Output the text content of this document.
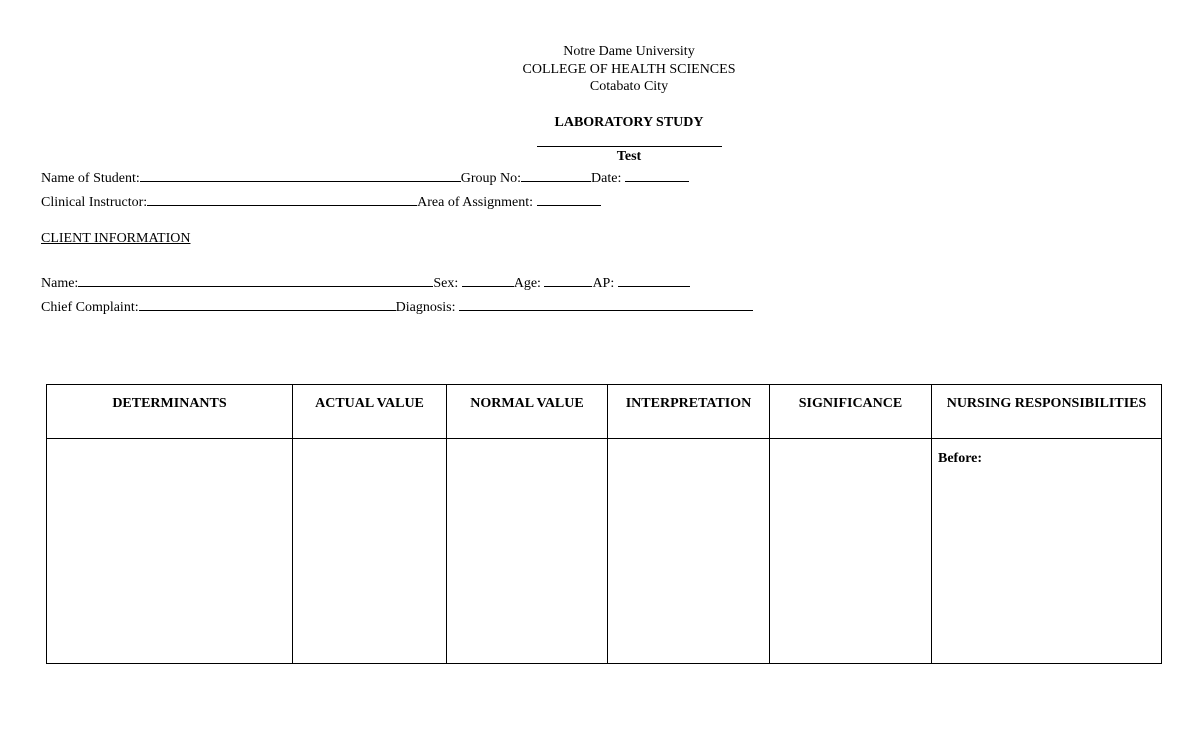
Notre Dame University
COLLEGE OF HEALTH SCIENCES
Cotabato City
LABORATORY STUDY
Test
Name of Student:	Group No:	Date:
Clinical Instructor:	Area of Assignment:
CLIENT INFORMATION
Name:	Sex:	Age:	AP:
Chief Complaint:	Diagnosis:
DETERMINANTS	ACTUAL VALUE	NORMAL VALUE	INTERPRETATION	SIGNIFICANCE	NURSING RESPONSIBILITIES

					Before:
